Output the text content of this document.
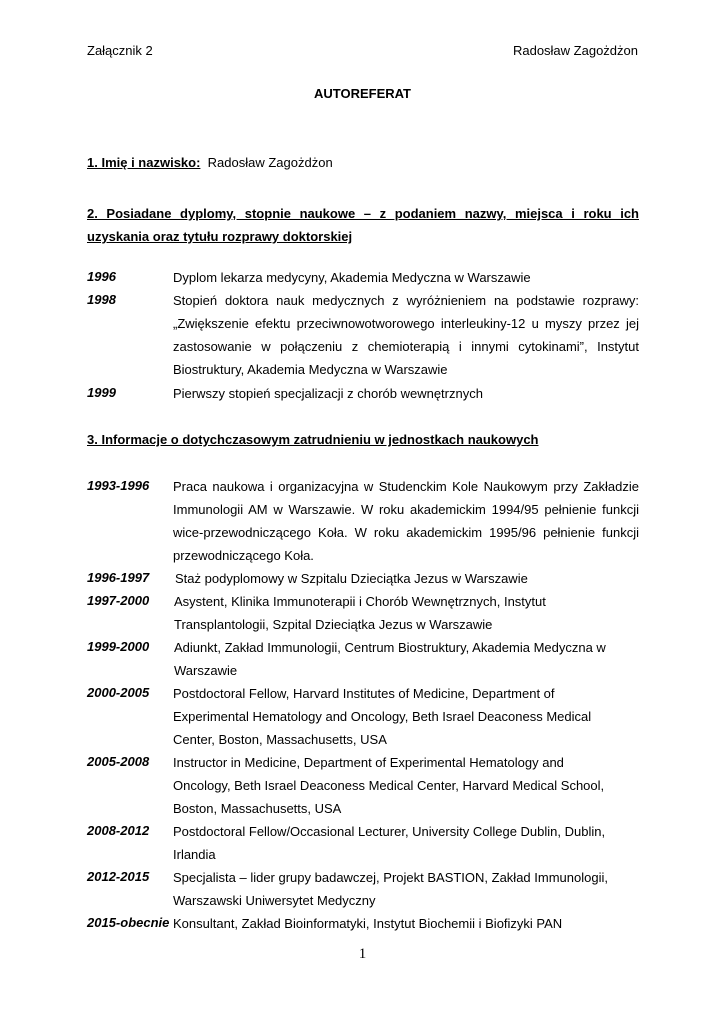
Załącznik 2	Radosław Zagożdżon
AUTOREFERAT
1. Imię i nazwisko: Radosław Zagożdżon
2. Posiadane dyplomy, stopnie naukowe – z podaniem nazwy, miejsca i roku ich uzyskania oraz tytułu rozprawy doktorskiej
1996	Dyplom lekarza medycyny, Akademia Medyczna w Warszawie
1998	Stopień doktora nauk medycznych z wyróżnieniem na podstawie rozprawy: „Zwiększenie efektu przeciwnowotworowego interleukiny-12 u myszy przez jej zastosowanie w połączeniu z chemioterapią i innymi cytokinami”, Instytut Biostruktury, Akademia Medyczna w Warszawie
1999	Pierwszy stopień specjalizacji z chorób wewnętrznych
3. Informacje o dotychczasowym zatrudnieniu w jednostkach naukowych
1993-1996 Praca naukowa i organizacyjna w Studenckim Kole Naukowym przy Zakładzie Immunologii AM w Warszawie. W roku akademickim 1994/95 pełnienie funkcji wice-przewodniczącego Koła. W roku akademickim 1995/96 pełnienie funkcji przewodniczącego Koła.
1996-1997 Staż podyplomowy w Szpitalu Dzieciątka Jezus w Warszawie
1997-2000 Asystent, Klinika Immunoterapii i Chorób Wewnętrznych, Instytut Transplantologii, Szpital Dzieciątka Jezus w Warszawie
1999-2000 Adiunkt, Zakład Immunologii, Centrum Biostruktury, Akademia Medyczna w Warszawie
2000-2005 Postdoctoral Fellow, Harvard Institutes of Medicine, Department of Experimental Hematology and Oncology, Beth Israel Deaconess Medical Center, Boston, Massachusetts, USA
2005-2008 Instructor in Medicine, Department of Experimental Hematology and Oncology, Beth Israel Deaconess Medical Center, Harvard Medical School, Boston, Massachusetts, USA
2008-2012 Postdoctoral Fellow/Occasional Lecturer, University College Dublin, Dublin, Irlandia
2012-2015 Specjalista – lider grupy badawczej, Projekt BASTION, Zakład Immunologii, Warszawski Uniwersytet Medyczny
2015-obecnie Konsultant, Zakład Bioinformatyki, Instytut Biochemii i Biofizyki PAN
1
